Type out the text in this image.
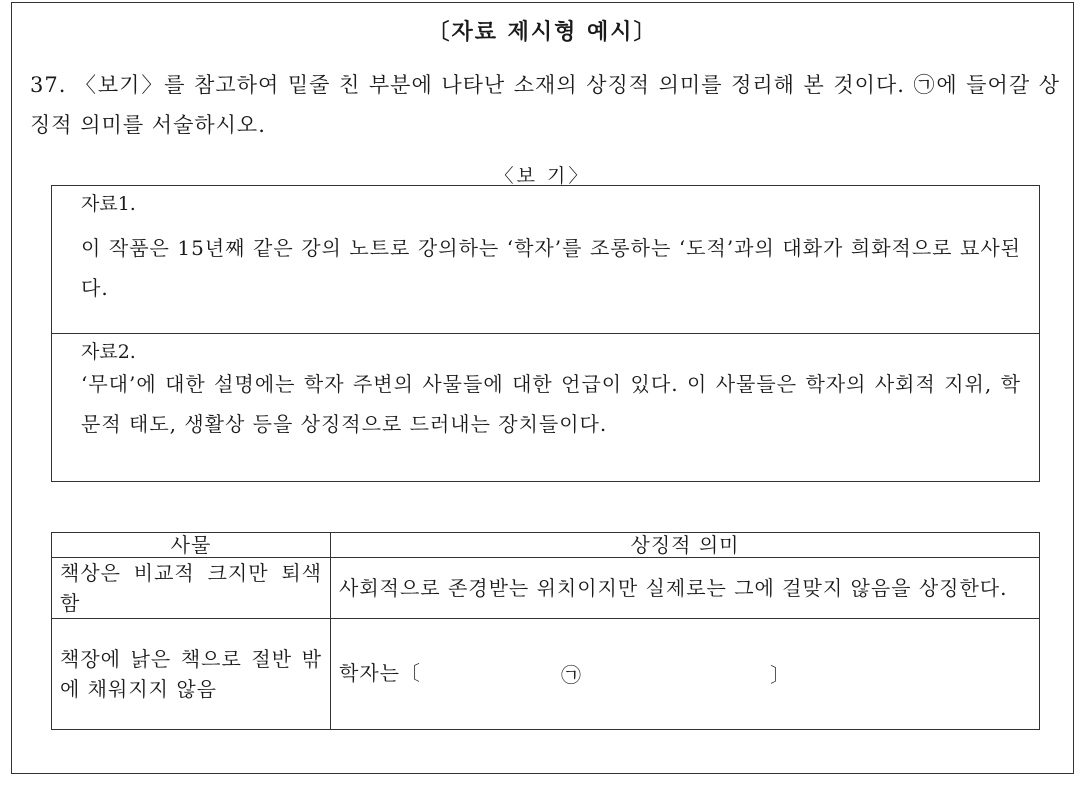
〔자료 제시형 예시〕
37. 〈보기〉를 참고하여 밑줄 친 부분에 나타난 소재의 상징적 의미를 정리해 본 것이다. ㉠에 들어갈 상징적 의미를 서술하시오.
〈보 기〉
자료1.
이 작품은 15년째 같은 강의 노트로 강의하는 ‘학자’를 조롱하는 ‘도적’과의 대화가 희화적으로 묘사된다.
자료2.
‘무대’에 대한 설명에는 학자 주변의 사물들에 대한 언급이 있다. 이 사물들은 학자의 사회적 지위, 학문적 태도, 생활상 등을 상징적으로 드러내는 장치들이다.
사물	상징적 의미

책상은 비교적 크지만 퇴색함	사회적으로 존경받는 위치이지만 실제로는 그에 걸맞지 않음을 상징한다.

책장에 낡은 책으로 절반 밖에 채워지지 않음	학자는〔 ㉠ 〕
